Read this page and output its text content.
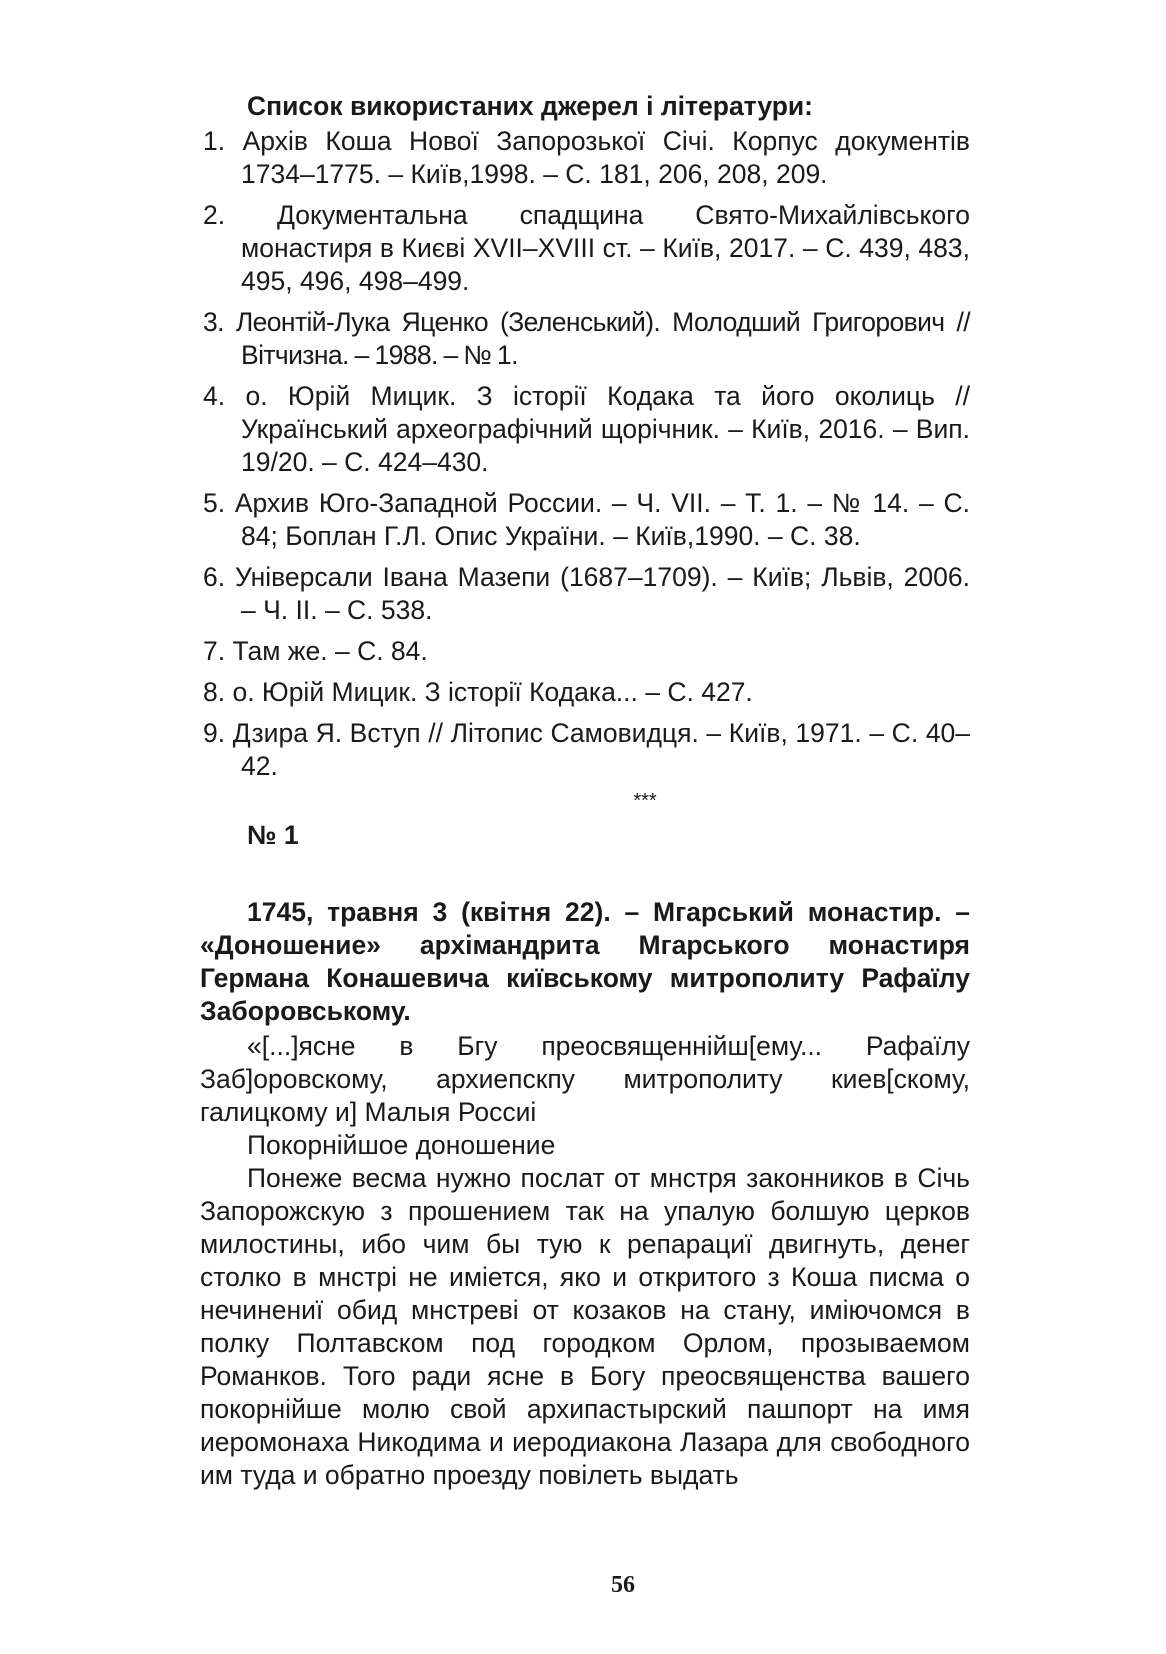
Список використаних джерел і літератури:
1. Архів Коша Нової Запорозької Січі. Корпус документів 1734–1775. – Київ,1998. – С. 181, 206, 208, 209.
2. Документальна спадщина Свято-Михайлівського монастиря в Києві XVII–XVIII ст. – Київ, 2017. – С. 439, 483, 495, 496, 498–499.
3. Леонтій-Лука Яценко (Зеленський). Молодший Григорович // Вітчизна. – 1988. – № 1.
4. о. Юрій Мицик. З історії Кодака та його околиць // Український археографічний щорічник. – Київ, 2016. – Вип. 19/20. – С. 424–430.
5. Архив Юго-Западной России. – Ч. VII. – Т. 1. – № 14. – С. 84; Боплан Г.Л. Опис України. – Київ,1990. – С. 38.
6. Універсали Івана Мазепи (1687–1709). – Київ; Львів, 2006. – Ч. ІІ. – С. 538.
7. Там же. – С. 84.
8. о. Юрій Мицик. З історії Кодака... – С. 427.
9. Дзира Я. Вступ // Літопис Самовидця. – Київ, 1971. – С. 40–42.
***
№ 1
1745, травня 3 (квітня 22). – Мгарський монастир. – «Доношение» архімандрита Мгарського монастиря Германа Конашевича київському митрополиту Рафаїлу Заборовському.

«[...]ясне в Бгу преосвященнійш[ему... Рафаїлу Заб]оровскому, архиепскпу митрополиту киев[скому, галицкому и] Малыя Россиі

Покорнійшое доношение

Понеже весма нужно послат от мнстря законников в Січь Запорожскую з прошением так на упалую болшую церков милостины, ибо чим бы тую к репарациї двигнуть, денег столко в мнстрі не иміется, яко и откритого з Коша писма о нечинениї обид мнстреві от козаков на стану, иміючомся в полку Полтавском под городком Орлом, прозываемом Романков. Того ради ясне в Богу преосвященства вашего покорнійше молю свой архипастырский пашпорт на имя иеромонаха Никодима и иеродиакона Лазара для свободного им туда и обратно проезду повілеть выдать

56
